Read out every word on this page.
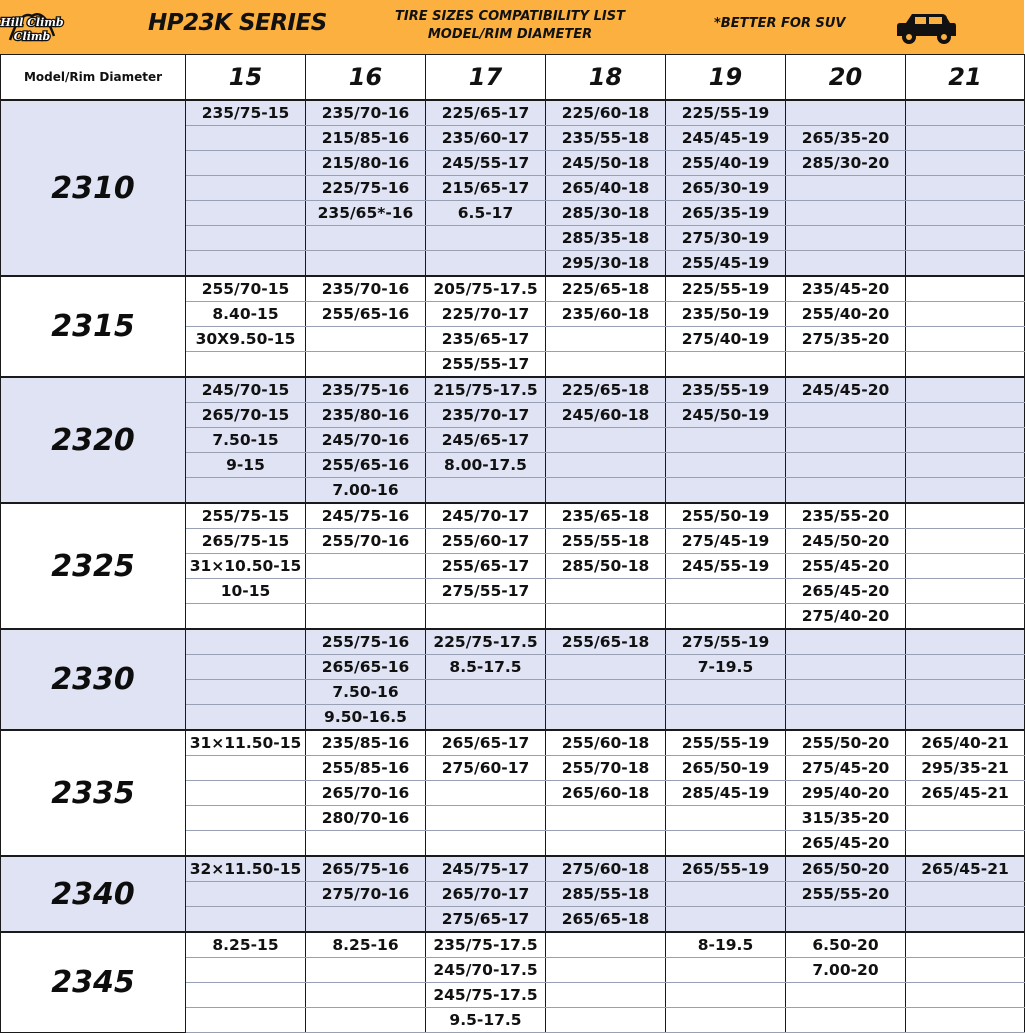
Hill Climb
Climb
HP23K SERIES	TIRE SIZES COMPATIBILITY LIST
MODEL/RIM DIAMETER
*BETTER FOR SUV
Model/Rim Diameter	15	16	17	18	19	20	21
2310	235/75-15	235/70-16	225/65-17	225/60-18	225/55-19		
		215/85-16	235/60-17	235/55-18	245/45-19	265/35-20	
		215/80-16	245/55-17	245/50-18	255/40-19	285/30-20	
		225/75-16	215/65-17	265/40-18	265/30-19		
		235/65*-16	6.5-17	285/30-18	265/35-19		
				285/35-18	275/30-19		
				295/30-18	255/45-19		
2315	255/70-15	235/70-16	205/75-17.5	225/65-18	225/55-19	235/45-20	
	8.40-15	255/65-16	225/70-17	235/60-18	235/50-19	255/40-20	
	30X9.50-15		235/65-17		275/40-19	275/35-20	
			255/55-17				
2320	245/70-15	235/75-16	215/75-17.5	225/65-18	235/55-19	245/45-20	
	265/70-15	235/80-16	235/70-17	245/60-18	245/50-19		
	7.50-15	245/70-16	245/65-17				
	9-15	255/65-16	8.00-17.5				
		7.00-16					
2325	255/75-15	245/75-16	245/70-17	235/65-18	255/50-19	235/55-20	
	265/75-15	255/70-16	255/60-17	255/55-18	275/45-19	245/50-20	
	31×10.50-15		255/65-17	285/50-18	245/55-19	255/45-20	
	10-15		275/55-17			265/45-20	
						275/40-20	
2330		255/75-16	225/75-17.5	255/65-18	275/55-19		
		265/65-16	8.5-17.5		7-19.5		
		7.50-16					
		9.50-16.5					
2335	31×11.50-15	235/85-16	265/65-17	255/60-18	255/55-19	255/50-20	265/40-21
		255/85-16	275/60-17	255/70-18	265/50-19	275/45-20	295/35-21
		265/70-16		265/60-18	285/45-19	295/40-20	265/45-21
		280/70-16				315/35-20	
						265/45-20	
2340	32×11.50-15	265/75-16	245/75-17	275/60-18	265/55-19	265/50-20	265/45-21
		275/70-16	265/70-17	285/55-18		255/55-20	
			275/65-17	265/65-18			
2345	8.25-15	8.25-16	235/75-17.5		8-19.5	6.50-20	
			245/70-17.5			7.00-20	
			245/75-17.5				
			9.5-17.5				
